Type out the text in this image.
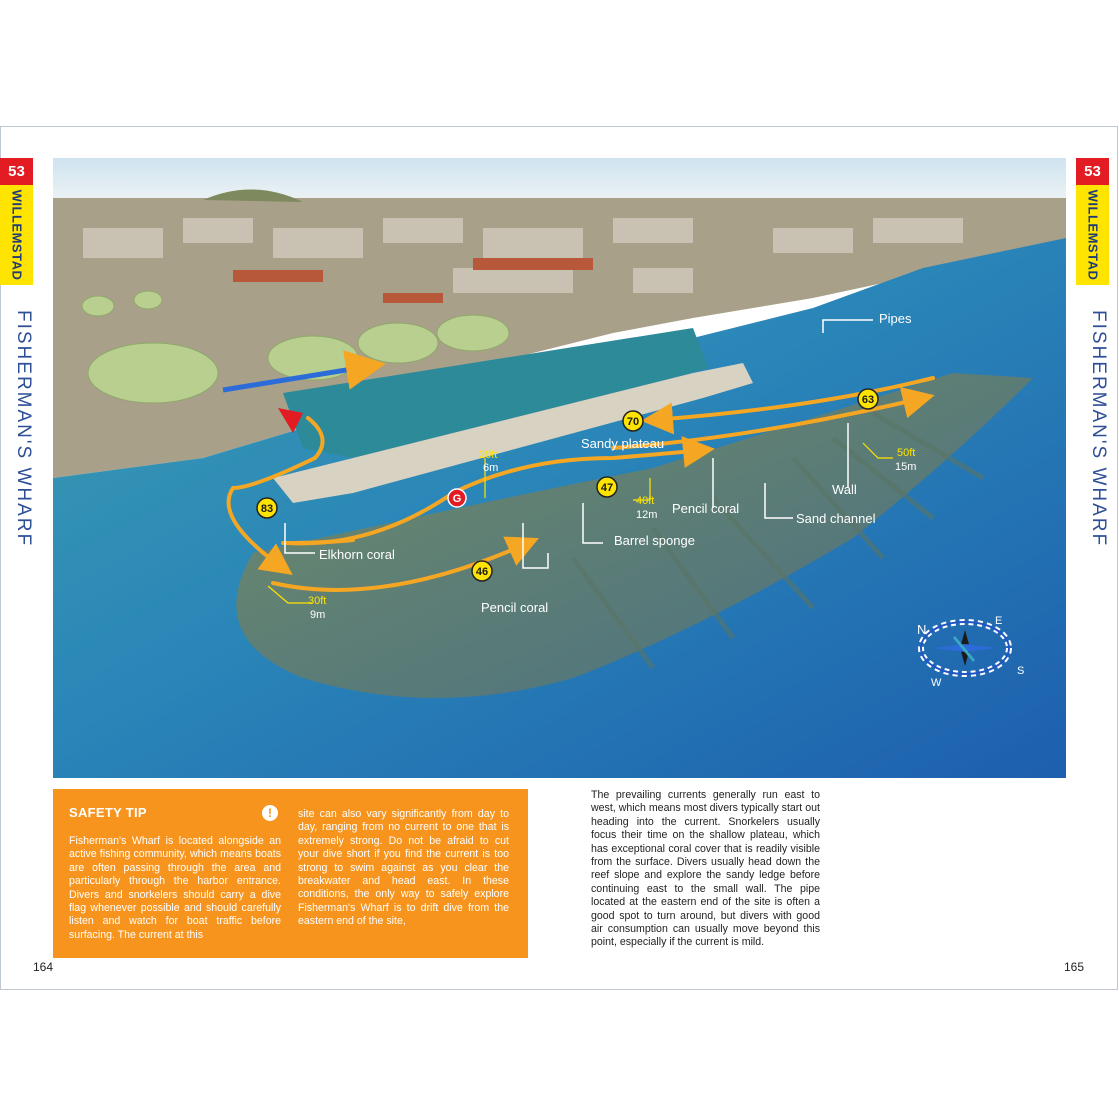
53
WILLEMSTAD
FISHERMAN'S WHARF
53
WILLEMSTAD
FISHERMAN'S WHARF
Pipes
Sandy plateau
Pencil coral
Wall
Sand channel
Elkhorn coral
Barrel sponge
Pencil coral
20ft
6m
40ft
12m
50ft
15m
30ft
9m
70
63
47
46
83
G
N
E
S
W
SAFETY TIP	!
Fisherman's Wharf is located alongside an active fishing community, which means boats are often passing through the area and particularly through the harbor entrance. Divers and snorkelers should carry a dive flag whenever possible and should carefully listen and watch for boat traffic before surfacing. The current at this
site can also vary significantly from day to day, ranging from no current to one that is extremely strong. Do not be afraid to cut your dive short if you find the current is too strong to swim against as you clear the breakwater and head east. In these conditions, the only way to safely explore Fisherman's Wharf is to drift dive from the eastern end of the site,
The prevailing currents generally run east to west, which means most divers typically start out heading into the current. Snorkelers usually focus their time on the shallow plateau, which has exceptional coral cover that is readily visible from the surface. Divers usually head down the reef slope and explore the sandy ledge before continuing east to the small wall. The pipe located at the eastern end of the site is often a good spot to turn around, but divers with good air consumption can usually move beyond this point, especially if the current is mild.
164	165
